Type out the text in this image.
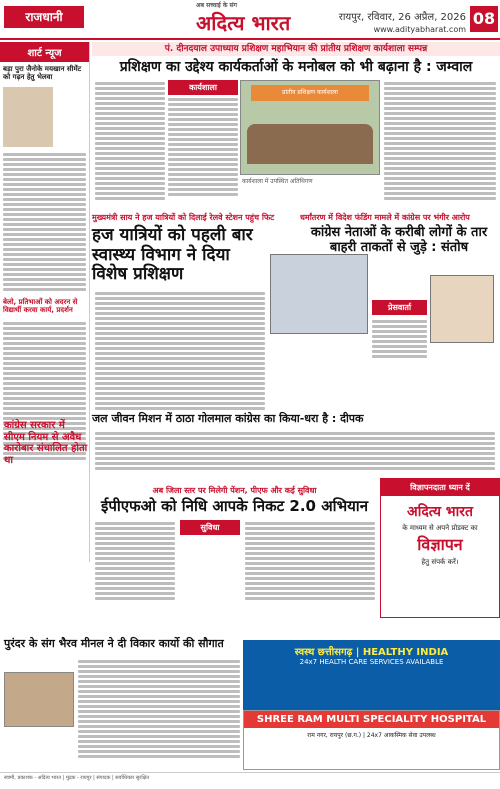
राजधानी
अब सच्चाई के संग
अदित्य भारत	रायपुर, रविवार, 26 अप्रैल, 2026
www.adityabharat.com
08
शार्ट न्यूज
बड़ा पुरा जैनोके मयखान सीमेंट को गढ़न हेतु भेलवा
बेलो, प्रतिभाओं को अदरन से विद्यार्थी करवा कार्य, प्रदर्शन
पं. दीनदयाल उपाध्याय प्रशिक्षण महाभियान की प्रांतीय प्रशिक्षण कार्यशाला सम्पन्न
प्रशिक्षण का उद्देश्य कार्यकर्ताओं के मनोबल को भी बढ़ाना है : जम्वाल
कार्यशाला
प्रांतीय प्रशिक्षण कार्यशाला
कार्यशाला में उपस्थित अतिथिगण
मुख्यमंत्री साय ने हज यात्रियों को दिलाई रेलवे स्टेशन पहुंच फिट
हज यात्रियों को पहली बार स्वास्थ्य विभाग ने दिया विशेष प्रशिक्षण
धर्मांतरण में विदेश फंडिंग मामले में कांग्रेस पर भंगीर आरोप
कांग्रेस नेताओं के करीबी लोगों के तार बाहरी ताकतों से जुड़े : संतोष
प्रेसवार्ता
जल जीवन मिशन में ठाठा गोलमाल कांग्रेस का किया-धरा है : दीपक
कांग्रेस सरकार में सीएम नियम से अवैध कारोबार संचालित होता था
अब जिला स्तर पर मिलेगी पेंशन, पीएफ और कई सुविधा
ईपीएफओ को निधि आपके निकट 2.0 अभियान
सुविधा
विज्ञापनदाता ध्यान दें
अदित्य भारत
के माध्यम से अपने प्रोडक्ट का
विज्ञापन
हेतु संपर्क करें।
पुरंदर के संग भैरव मीनल ने दी विकार कार्यो की सौगात
स्वस्थ छत्तीसगढ़ | HEALTHY INDIA
24x7 HEALTH CARE SERVICES AVAILABLE
SHREE RAM MULTI SPECIALITY HOSPITAL
राम नगर, रायपुर (छ.ग.) | 24x7 आकस्मिक सेवा उपलब्ध
स्वामी, प्रकाशक - अदित्य भारत | मुद्रक - रायपुर | संपादक | सर्वाधिकार सुरक्षित
